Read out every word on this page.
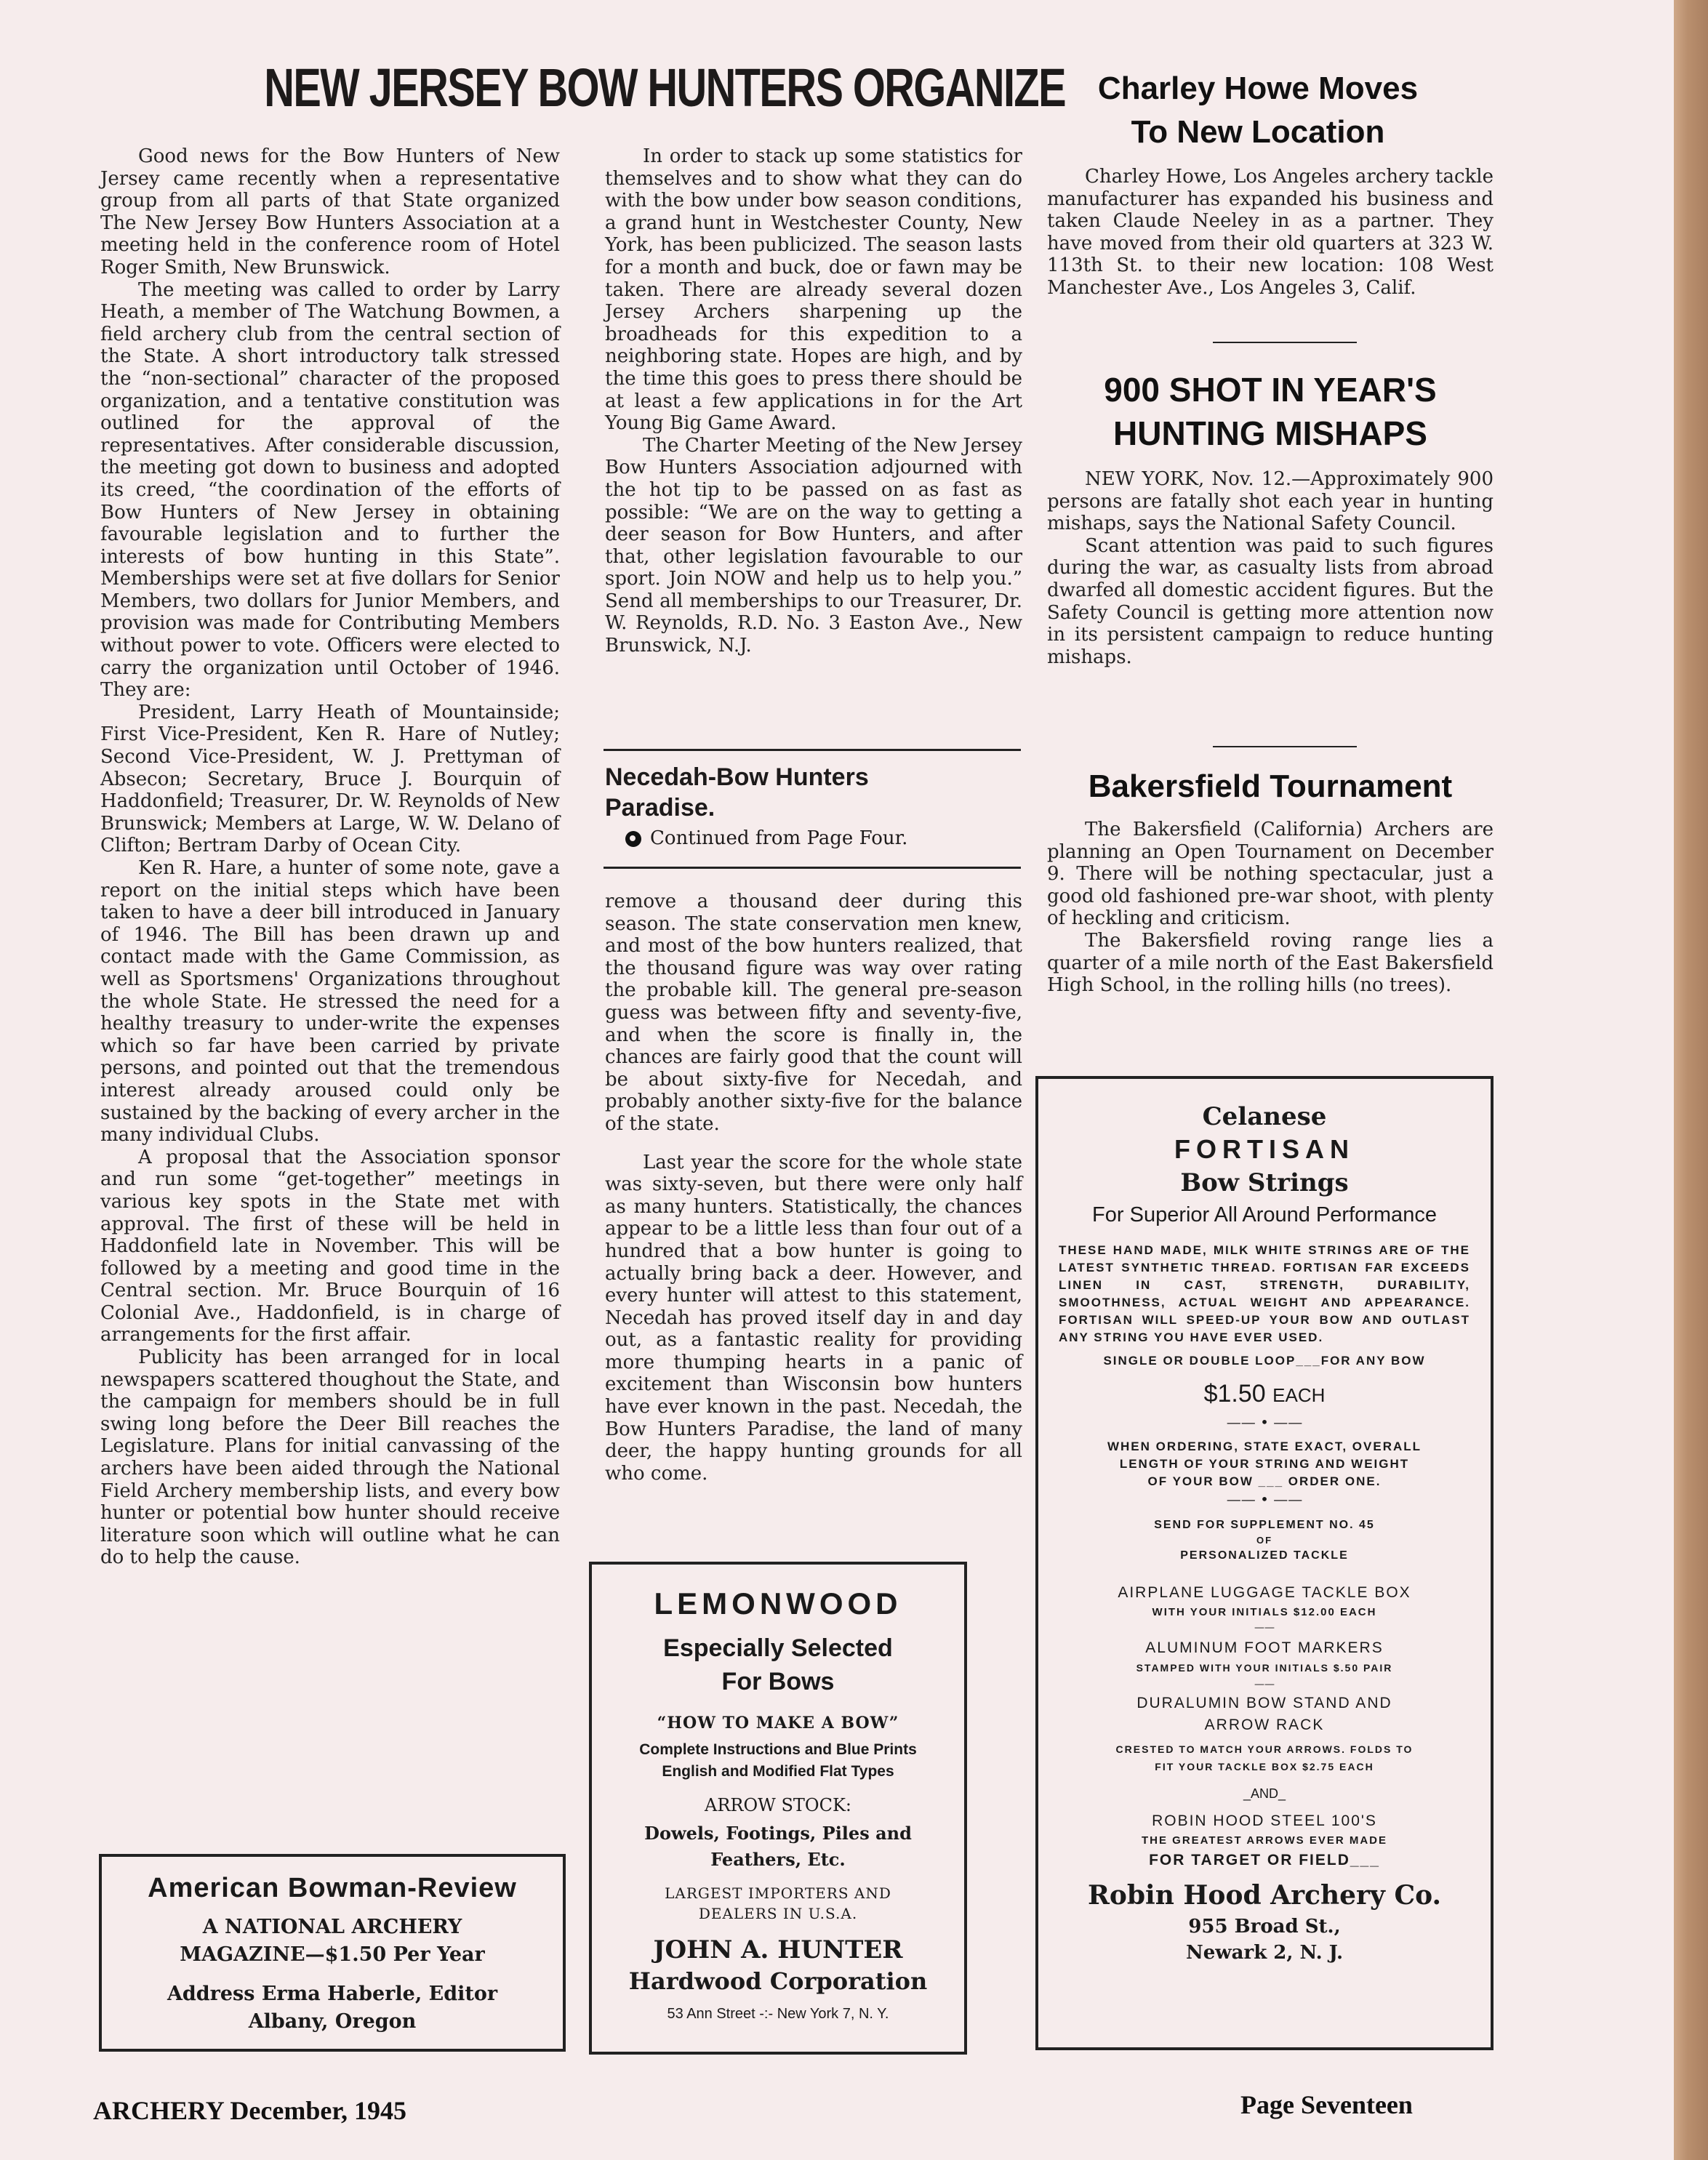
NEW JERSEY BOW HUNTERS ORGANIZE

Good news for the Bow Hunters of New Jersey came recently when a representative group from all parts of that State organized The New Jersey Bow Hunters Association at a meeting held in the conference room of Hotel Roger Smith, New Brunswick.

The meeting was called to order by Larry Heath, a member of The Watchung Bowmen, a field archery club from the central section of the State. A short introductory talk stressed the “non-sectional” character of the proposed organization, and a tentative constitution was outlined for the approval of the representatives. After considerable discussion, the meeting got down to business and adopted its creed, “the coordination of the efforts of Bow Hunters of New Jersey in obtaining favourable legislation and to further the interests of bow hunting in this State”. Memberships were set at five dollars for Senior Members, two dollars for Junior Members, and provision was made for Contributing Members without power to vote. Officers were elected to carry the organization until October of 1946. They are:

President, Larry Heath of Mountainside; First Vice-President, Ken R. Hare of Nutley; Second Vice-President, W. J. Prettyman of Absecon; Secretary, Bruce J. Bourquin of Haddonfield; Treasurer, Dr. W. Reynolds of New Brunswick; Members at Large, W. W. Delano of Clifton; Bertram Darby of Ocean City.

Ken R. Hare, a hunter of some note, gave a report on the initial steps which have been taken to have a deer bill introduced in January of 1946. The Bill has been drawn up and contact made with the Game Commission, as well as Sportsmens' Organizations throughout the whole State. He stressed the need for a healthy treasury to under-write the expenses which so far have been carried by private persons, and pointed out that the tremendous interest already aroused could only be sustained by the backing of every archer in the many individual Clubs.

A proposal that the Association sponsor and run some “get-together” meetings in various key spots in the State met with approval. The first of these will be held in Haddonfield late in November. This will be followed by a meeting and good time in the Central section. Mr. Bruce Bourquin of 16 Colonial Ave., Haddonfield, is in charge of arrangements for the first affair.

Publicity has been arranged for in local newspapers scattered thoughout the State, and the campaign for members should be in full swing long before the Deer Bill reaches the Legislature. Plans for initial canvassing of the archers have been aided through the National Field Archery membership lists, and every bow hunter or potential bow hunter should receive literature soon which will outline what he can do to help the cause.

In order to stack up some statistics for themselves and to show what they can do with the bow under bow season conditions, a grand hunt in Westchester County, New York, has been publicized. The season lasts for a month and buck, doe or fawn may be taken. There are already several dozen Jersey Archers sharpening up the broadheads for this expedition to a neighboring state. Hopes are high, and by the time this goes to press there should be at least a few applications in for the Art Young Big Game Award.

The Charter Meeting of the New Jersey Bow Hunters Association adjourned with the hot tip to be passed on as fast as possible: “We are on the way to getting a deer season for Bow Hunters, and after that, other legislation favourable to our sport. Join NOW and help us to help you.” Send all memberships to our Treasurer, Dr. W. Reynolds, R.D. No. 3 Easton Ave., New Brunswick, N.J.

Necedah-Bow Hunters
Paradise.
Continued from Page Four.

remove a thousand deer during this season. The state conservation men knew, and most of the bow hunters realized, that the thousand figure was way over rating the probable kill. The general pre-season guess was between fifty and seventy-five, and when the score is finally in, the chances are fairly good that the count will be about sixty-five for Necedah, and probably another sixty-five for the balance of the state.

Last year the score for the whole state was sixty-seven, but there were only half as many hunters. Statistically, the chances appear to be a little less than four out of a hundred that a bow hunter is going to actually bring back a deer. However, and every hunter will attest to this statement, Necedah has proved itself day in and day out, as a fantastic reality for providing more thumping hearts in a panic of excitement than Wisconsin bow hunters have ever known in the past. Necedah, the Bow Hunters Paradise, the land of many deer, the happy hunting grounds for all who come.

Charley Howe Moves
To New Location

Charley Howe, Los Angeles archery tackle manufacturer has expanded his business and taken Claude Neeley in as a partner. They have moved from their old quarters at 323 W. 113th St. to their new location: 108 West Manchester Ave., Los Angeles 3, Calif.

900 SHOT IN YEAR'S
HUNTING MISHAPS

NEW YORK, Nov. 12.—Approximately 900 persons are fatally shot each year in hunting mishaps, says the National Safety Council.

Scant attention was paid to such figures during the war, as casualty lists from abroad dwarfed all domestic accident figures. But the Safety Council is getting more attention now in its persistent campaign to reduce hunting mishaps.

Bakersfield Tournament

The Bakersfield (California) Archers are planning an Open Tournament on December 9. There will be nothing spectacular, just a good old fashioned pre-war shoot, with plenty of heckling and criticism.

The Bakersfield roving range lies a quarter of a mile north of the East Bakersfield High School, in the rolling hills (no trees).

American Bowman-Review
A NATIONAL ARCHERY
MAGAZINE—$1.50 Per Year
Address Erma Haberle, Editor
Albany, Oregon
LEMONWOOD
Especially Selected
For Bows
“HOW TO MAKE A BOW”
Complete Instructions and Blue Prints
English and Modified Flat Types
ARROW STOCK:
Dowels, Footings, Piles and
Feathers, Etc.
LARGEST IMPORTERS AND
DEALERS IN U.S.A.
JOHN A. HUNTER
Hardwood Corporation
53 Ann Street -:- New York 7, N. Y.
Celanese
FORTISAN
Bow Strings
For Superior All Around Performance
THESE HAND MADE, MILK WHITE STRINGS ARE OF THE LATEST SYNTHETIC THREAD. FORTISAN FAR EXCEEDS LINEN IN CAST, STRENGTH, DURABILITY, SMOOTHNESS, ACTUAL WEIGHT AND APPEARANCE. FORTISAN WILL SPEED-UP YOUR BOW AND OUTLAST ANY STRING YOU HAVE EVER USED.
SINGLE OR DOUBLE LOOP___FOR ANY BOW
$1.50 EACH
—— • ——
WHEN ORDERING, STATE EXACT, OVERALL
LENGTH OF YOUR STRING AND WEIGHT
OF YOUR BOW ___ ORDER ONE.
—— • ——
SEND FOR SUPPLEMENT NO. 45
OF
PERSONALIZED TACKLE
AIRPLANE LUGGAGE TACKLE BOX
WITH YOUR INITIALS $12.00 EACH
——
ALUMINUM FOOT MARKERS
STAMPED WITH YOUR INITIALS $.50 PAIR
——
DURALUMIN BOW STAND AND
ARROW RACK
CRESTED TO MATCH YOUR ARROWS. FOLDS TO
FIT YOUR TACKLE BOX $2.75 EACH
_AND_
ROBIN HOOD STEEL 100'S
THE GREATEST ARROWS EVER MADE
FOR TARGET OR FIELD___
Robin Hood Archery Co.
955 Broad St.,
Newark 2, N. J.
ARCHERY December, 1945	Page Seventeen
